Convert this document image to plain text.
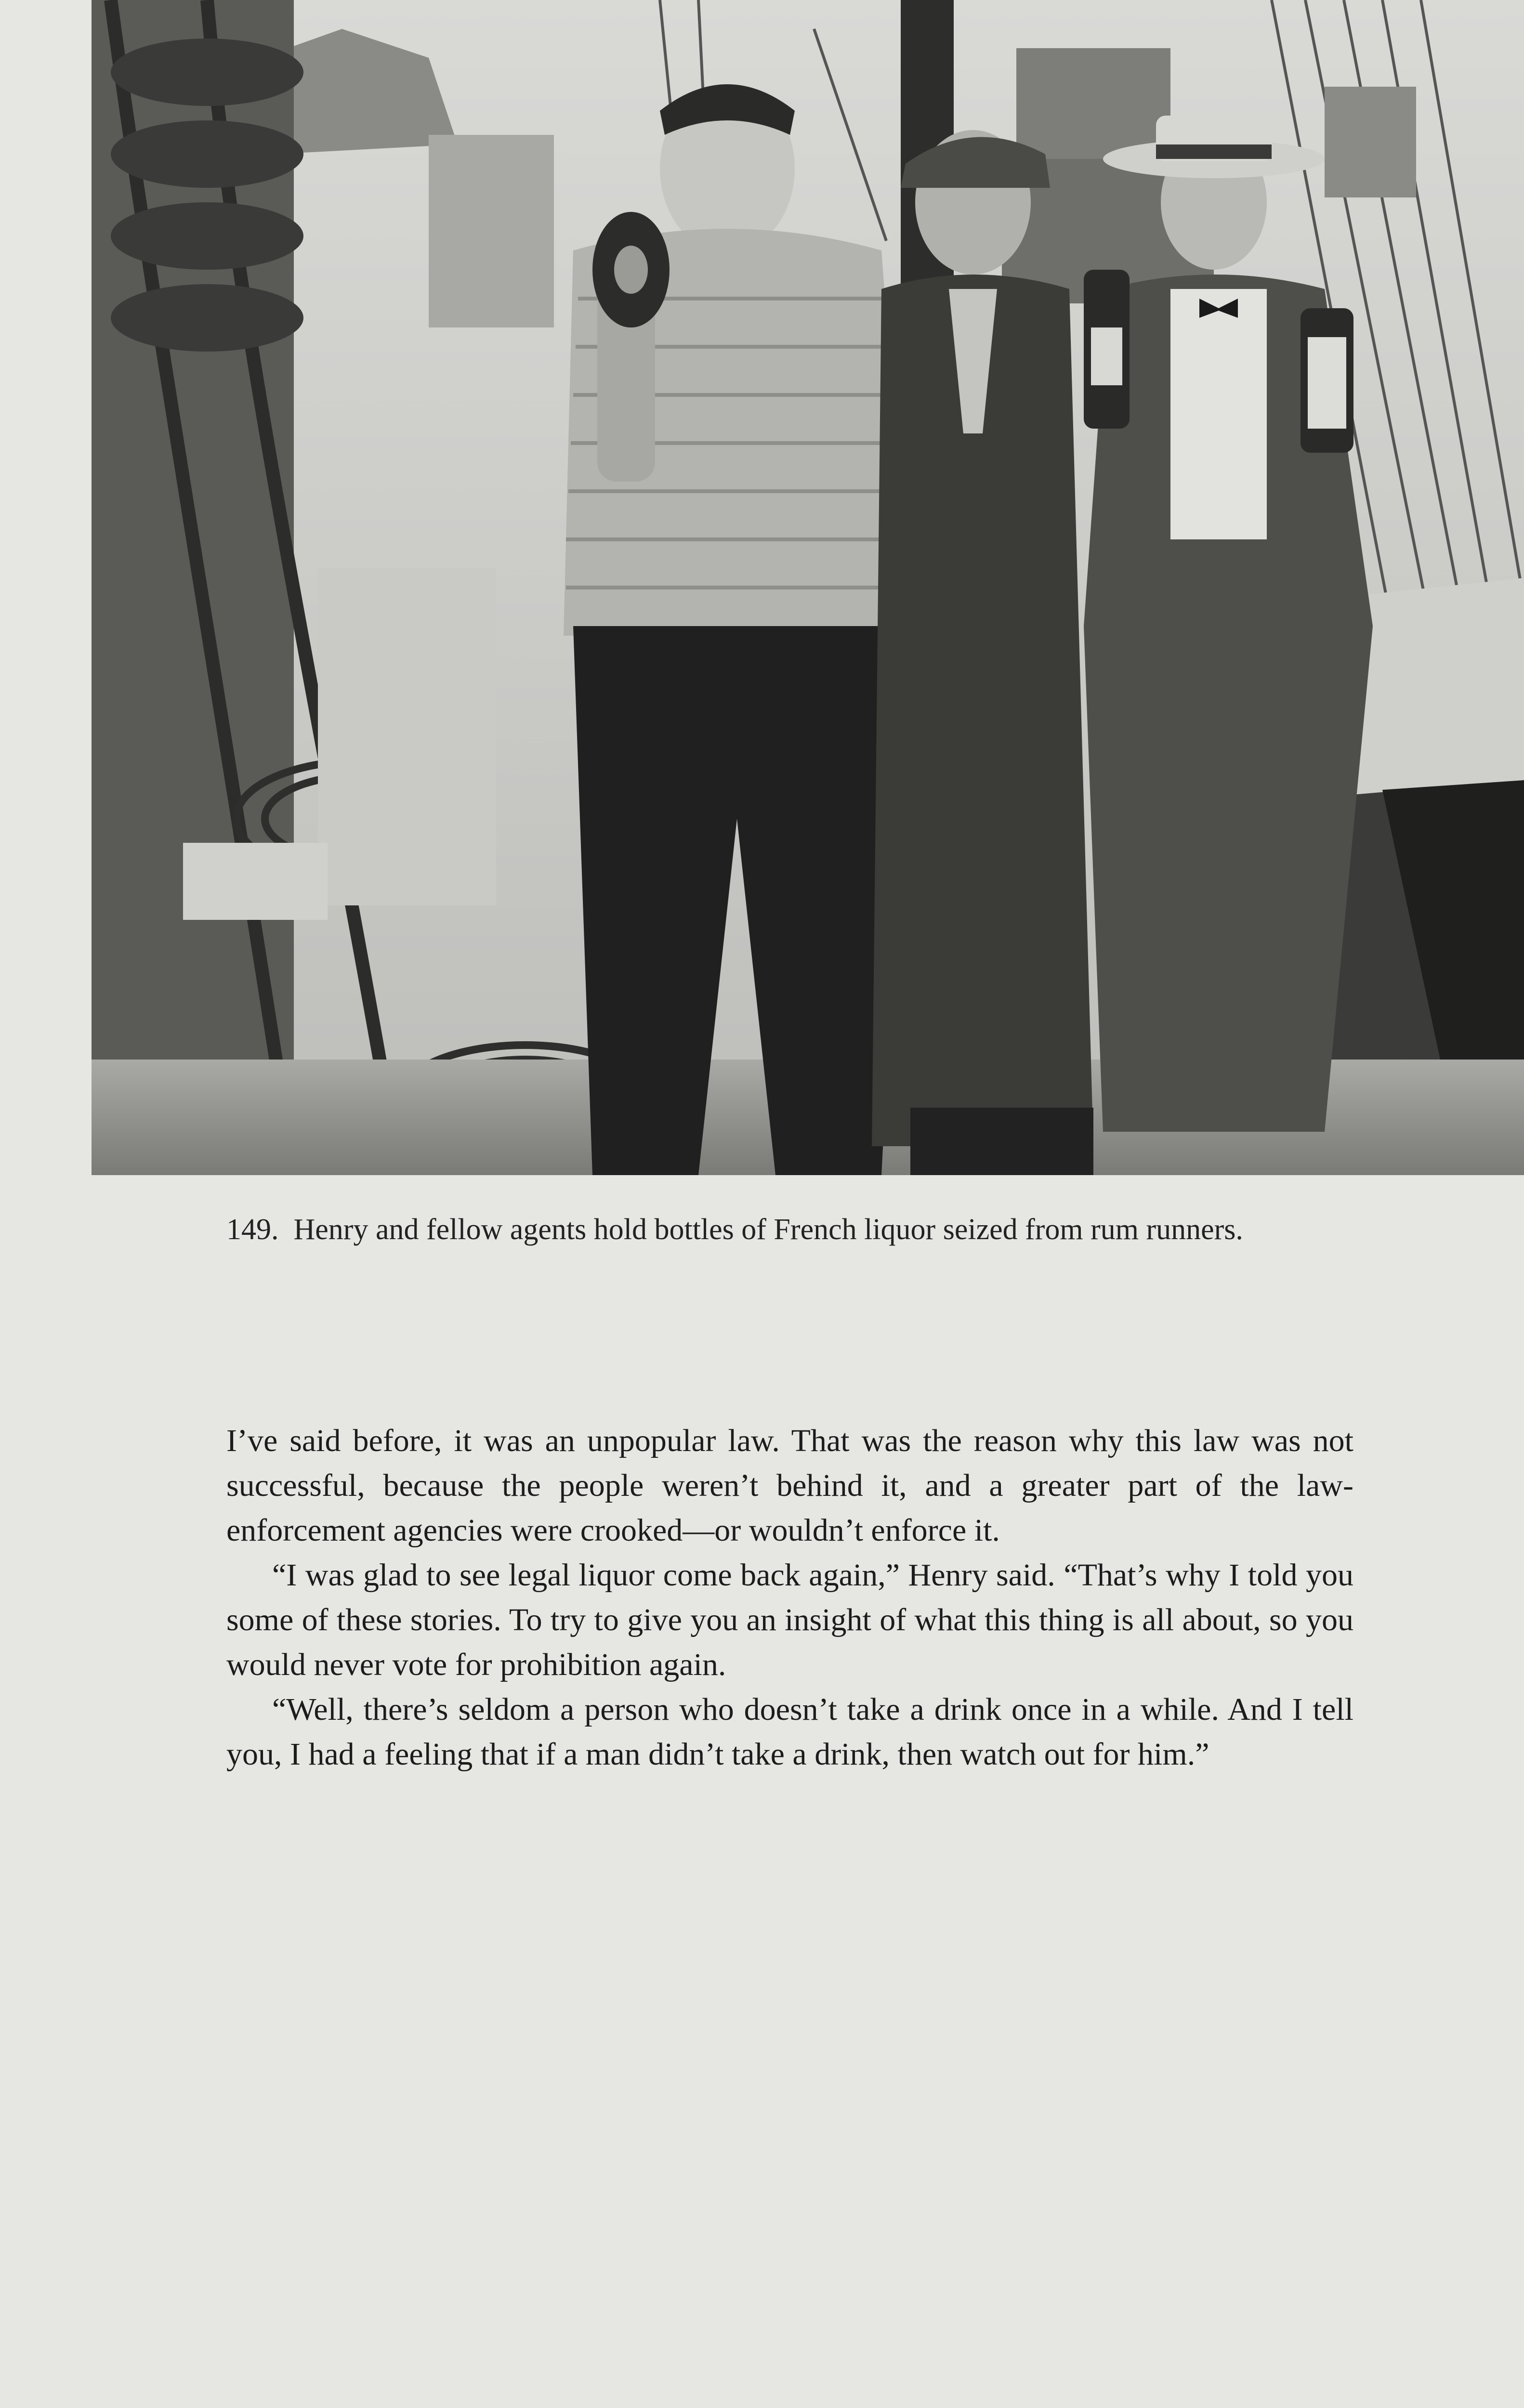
149. Henry and fellow agents hold bottles of French liquor seized from rum runners.

I’ve said before, it was an unpopular law. That was the reason why this law was not successful, because the people weren’t behind it, and a greater part of the law-enforcement agencies were crooked—or wouldn’t enforce it.

“I was glad to see legal liquor come back again,” Henry said. “That’s why I told you some of these stories. To try to give you an insight of what this thing is all about, so you would never vote for prohibition again.

“Well, there’s seldom a person who doesn’t take a drink once in a while. And I tell you, I had a feeling that if a man didn’t take a drink, then watch out for him.”
